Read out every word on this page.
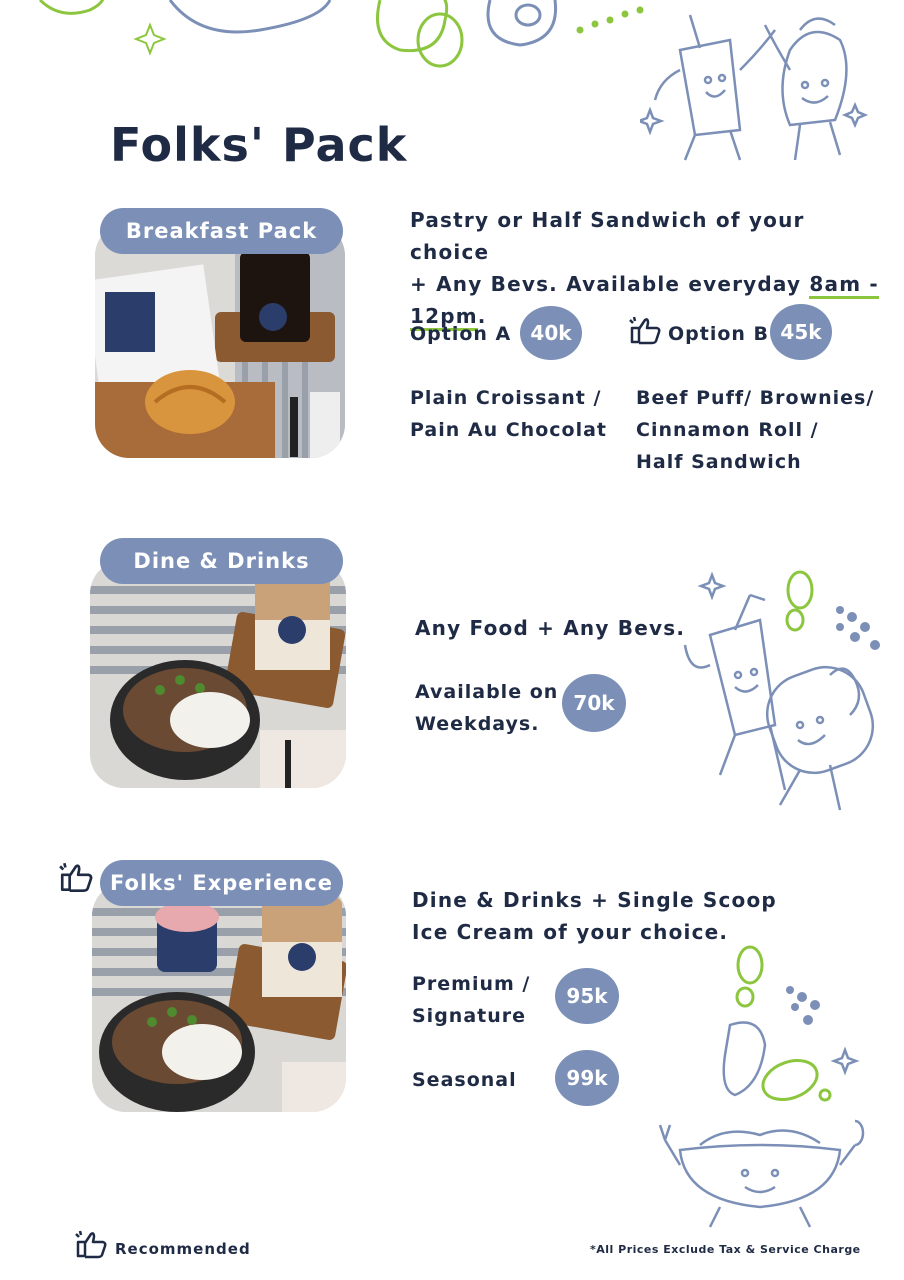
Folks' Pack
Breakfast Pack	Pastry or Half Sandwich of your choice
+ Any Bevs. Available everyday 8am - 12pm.
Option A 40k
Plain Croissant /
Pain Au Chocolat
Option B 45k
Beef Puff/ Brownies/
Cinnamon Roll /
Half Sandwich
Dine & Drinks
Any Food + Any Bevs.
Available on
Weekdays.
70k
Folks' Experience
Dine & Drinks + Single Scoop
Ice Cream of your choice.
Premium /
Signature
95k
Seasonal	99k
Recommended	*All Prices Exclude Tax & Service Charge
